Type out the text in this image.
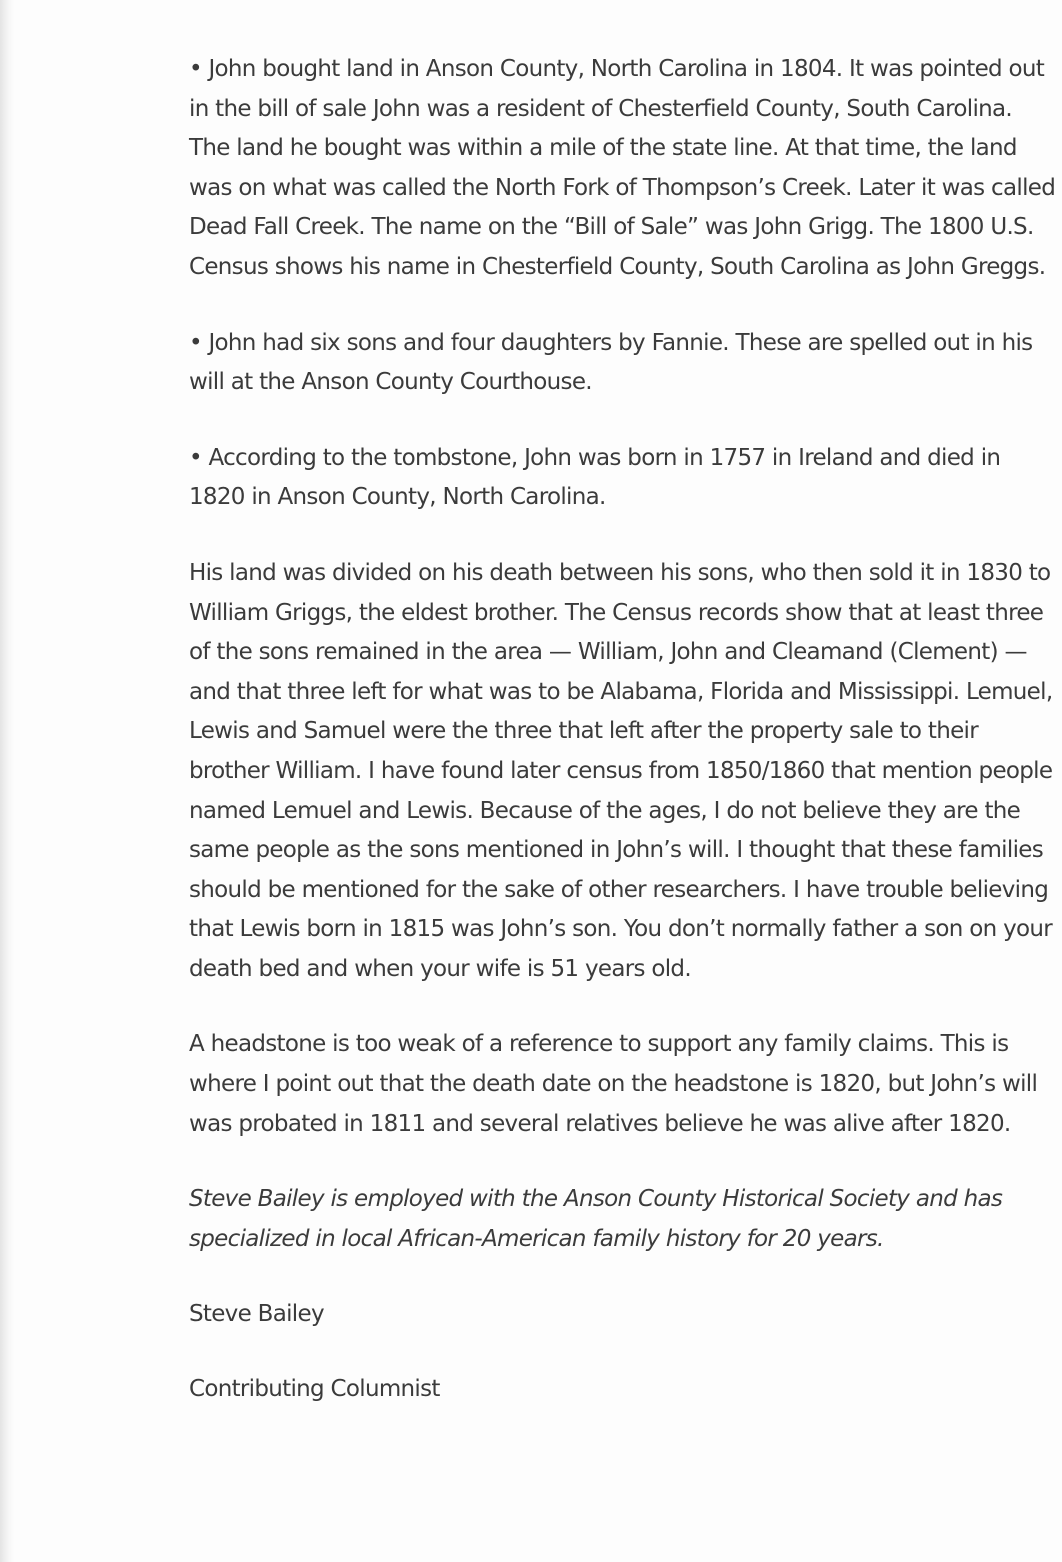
• John bought land in Anson County, North Carolina in 1804. It was pointed out in the bill of sale John was a resident of Chesterfield County, South Carolina. The land he bought was within a mile of the state line. At that time, the land was on what was called the North Fork of Thompson’s Creek. Later it was called Dead Fall Creek. The name on the “Bill of Sale” was John Grigg. The 1800 U.S. Census shows his name in Chesterfield County, South Carolina as John Greggs.

• John had six sons and four daughters by Fannie. These are spelled out in his will at the Anson County Courthouse.

• According to the tombstone, John was born in 1757 in Ireland and died in 1820 in Anson County, North Carolina.

His land was divided on his death between his sons, who then sold it in 1830 to William Griggs, the eldest brother. The Census records show that at least three of the sons remained in the area — William, John and Cleamand (Clement) — and that three left for what was to be Alabama, Florida and Mississippi. Lemuel, Lewis and Samuel were the three that left after the property sale to their brother William. I have found later census from 1850/1860 that mention people named Lemuel and Lewis. Because of the ages, I do not believe they are the same people as the sons mentioned in John’s will. I thought that these families should be mentioned for the sake of other researchers. I have trouble believing that Lewis born in 1815 was John’s son. You don’t normally father a son on your death bed and when your wife is 51 years old.

A headstone is too weak of a reference to support any family claims. This is where I point out that the death date on the headstone is 1820, but John’s will was probated in 1811 and several relatives believe he was alive after 1820.

Steve Bailey is employed with the Anson County Historical Society and has specialized in local African-American family history for 20 years.

Steve Bailey

Contributing Columnist
